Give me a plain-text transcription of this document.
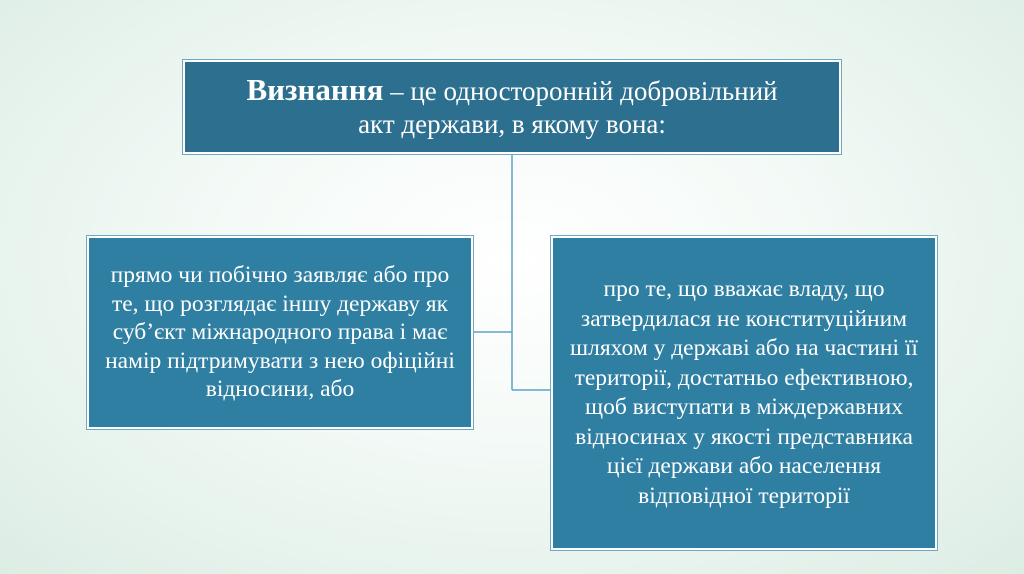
Визнання – це односторонній добровільний
акт держави, в якому вона:
прямо чи побічно заявляє або про те, що розглядає іншу державу як суб’єкт міжнародного права і має намір підтримувати з нею офіційні відносини, або
про те, що вважає владу, що затвердилася не конституційним шляхом у державі або на частині її території, достатньо ефективною, щоб виступати в міждержавних відносинах у якості представника цієї держави або населення відповідної території
